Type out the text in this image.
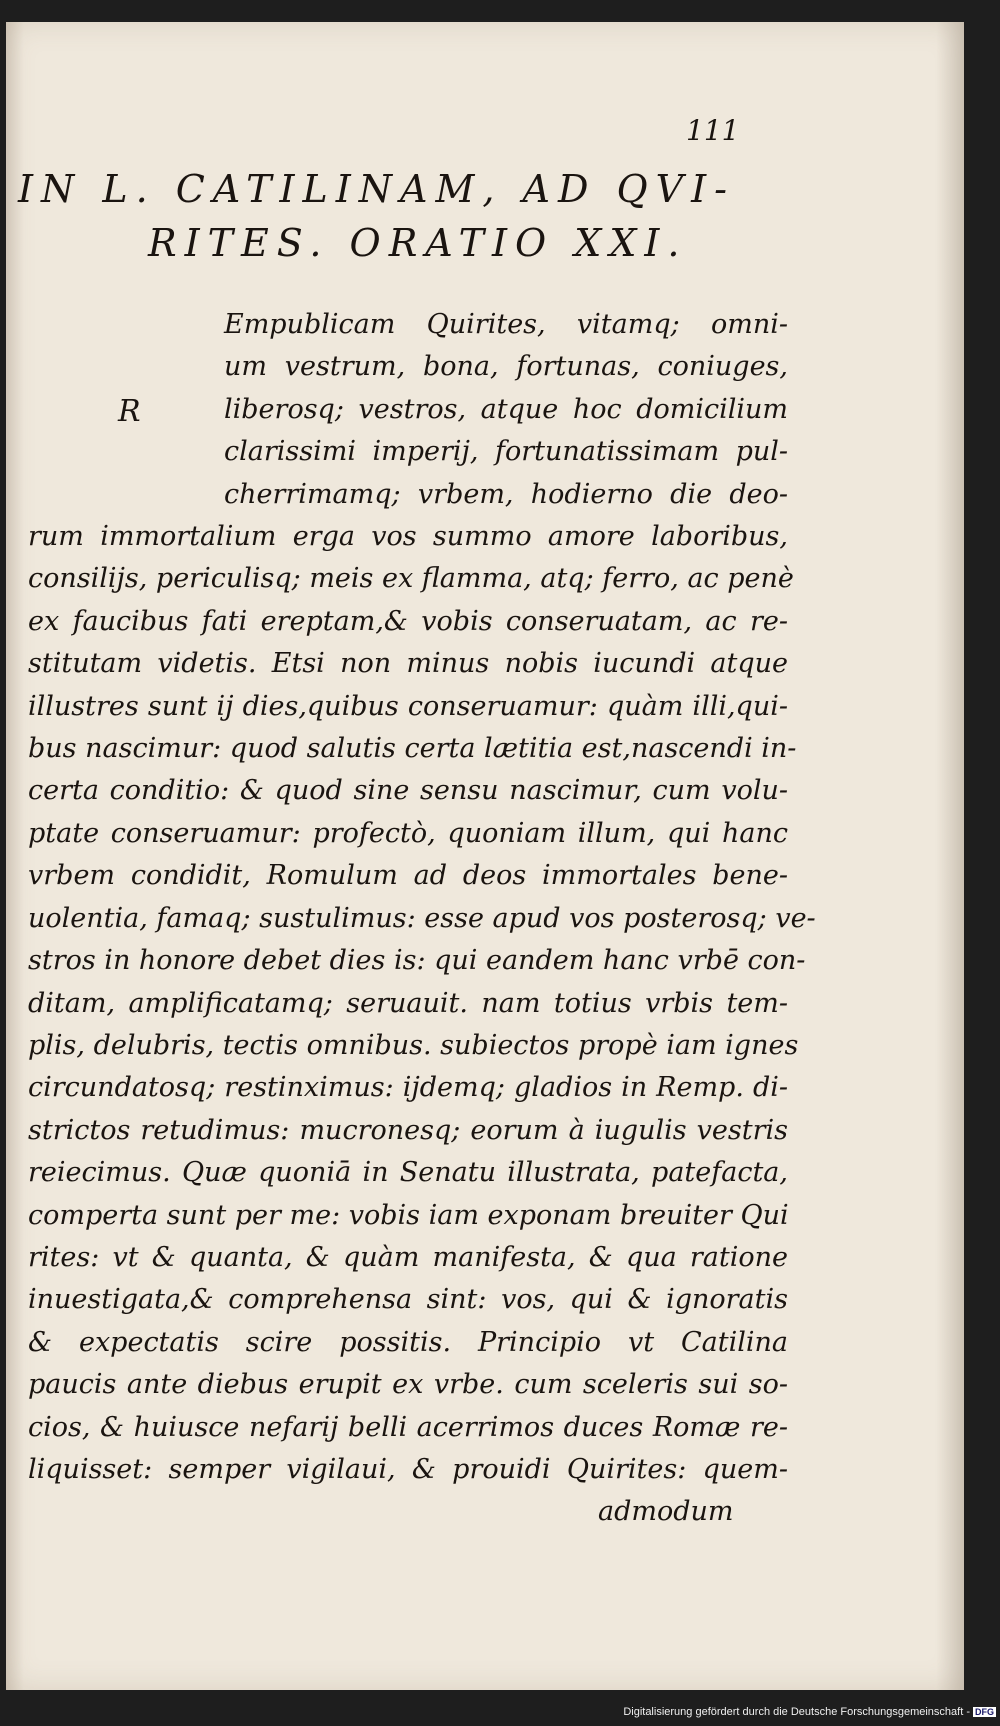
111
IN L. CATILINAM, AD QVI-

RITES. ORATIO XXI.
R
Empublicam Quirites, vitamq; omni-
um vestrum, bona, fortunas, coniuges,
liberosq; vestros, atque hoc domicilium
clarissimi imperij, fortunatissimam pul-
cherrimamq; vrbem, hodierno die deo-
rum immortalium erga vos summo amore laboribus,
consilijs, periculisq; meis ex flamma, atq; ferro, ac penè
ex faucibus fati ereptam,& vobis conseruatam, ac re-
stitutam videtis. Etsi non minus nobis iucundi atque
illustres sunt ij dies,quibus conseruamur: quàm illi,qui-
bus nascimur: quod salutis certa lætitia est,nascendi in-
certa conditio: & quod sine sensu nascimur, cum volu-
ptate conseruamur: profectò, quoniam illum, qui hanc
vrbem condidit, Romulum ad deos immortales bene-
uolentia, famaq; sustulimus: esse apud vos posterosq; ve-
stros in honore debet dies is: qui eandem hanc vrbē con-
ditam, amplificatamq; seruauit. nam totius vrbis tem-
plis, delubris, tectis omnibus. subiectos propè iam ignes
circundatosq; restinximus: ijdemq; gladios in Remp. di-
strictos retudimus: mucronesq; eorum à iugulis vestris
reiecimus. Quæ quoniā in Senatu illustrata, patefacta,
comperta sunt per me: vobis iam exponam breuiter Qui
rites: vt & quanta, & quàm manifesta, & qua ratione
inuestigata,& comprehensa sint: vos, qui & ignoratis
& expectatis scire possitis. Principio vt Catilina
paucis ante diebus erupit ex vrbe. cum sceleris sui so-
cios, & huiusce nefarij belli acerrimos duces Romæ re-
liquisset: semper vigilaui, & prouidi Quirites: quem-
admodum
Digitalisierung gefördert durch die Deutsche Forschungsgemeinschaft - DFG
